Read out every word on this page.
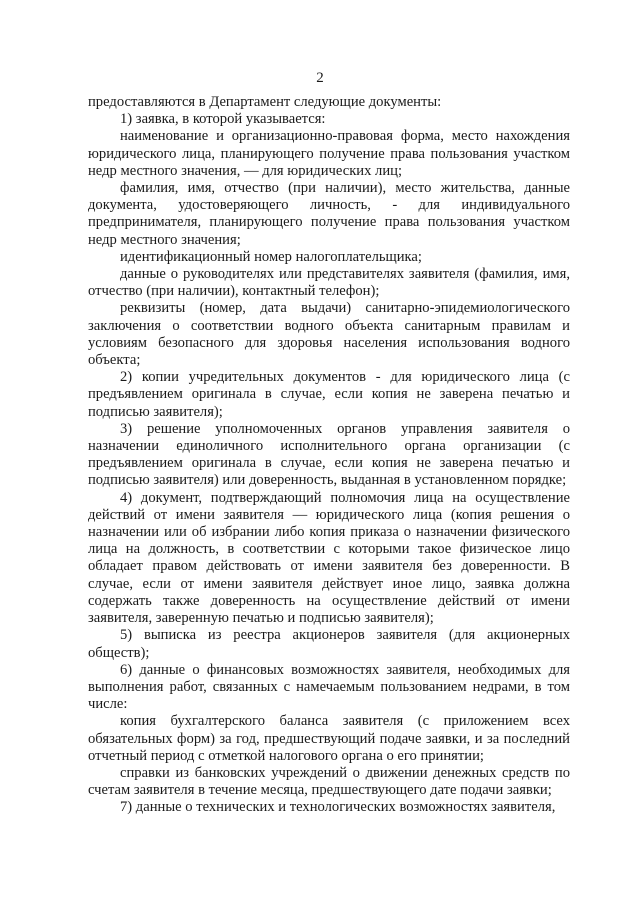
2

предоставляются в Департамент следующие документы:

1) заявка, в которой указывается:

наименование и организационно-правовая форма, место нахождения юридического лица, планирующего получение права пользования участком недр местного значения, — для юридических лиц;

фамилия, имя, отчество (при наличии), место жительства, данные документа, удостоверяющего личность, - для индивидуального предпринимателя, планирующего получение права пользования участком недр местного значения;

идентификационный номер налогоплательщика;

данные о руководителях или представителях заявителя (фамилия, имя, отчество (при наличии), контактный телефон);

реквизиты (номер, дата выдачи) санитарно-эпидемиологического заключения о соответствии водного объекта санитарным правилам и условиям безопасного для здоровья населения использования водного объекта;

2) копии учредительных документов - для юридического лица (с предъявлением оригинала в случае, если копия не заверена печатью и подписью заявителя);

3) решение уполномоченных органов управления заявителя о назначении единоличного исполнительного органа организации (с предъявлением оригинала в случае, если копия не заверена печатью и подписью заявителя) или доверенность, выданная в установленном порядке;

4) документ, подтверждающий полномочия лица на осуществление действий от имени заявителя — юридического лица (копия решения о назначении или об избрании либо копия приказа о назначении физического лица на должность, в соответствии с которыми такое физическое лицо обладает правом действовать от имени заявителя без доверенности. В случае, если от имени заявителя действует иное лицо, заявка должна содержать также доверенность на осуществление действий от имени заявителя, заверенную печатью и подписью заявителя);

5) выписка из реестра акционеров заявителя (для акционерных обществ);

6) данные о финансовых возможностях заявителя, необходимых для выполнения работ, связанных с намечаемым пользованием недрами, в том числе:

копия бухгалтерского баланса заявителя (с приложением всех обязательных форм) за год, предшествующий подаче заявки, и за последний отчетный период с отметкой налогового органа о его принятии;

справки из банковских учреждений о движении денежных средств по счетам заявителя в течение месяца, предшествующего дате подачи заявки;

7) данные о технических и технологических возможностях заявителя,
